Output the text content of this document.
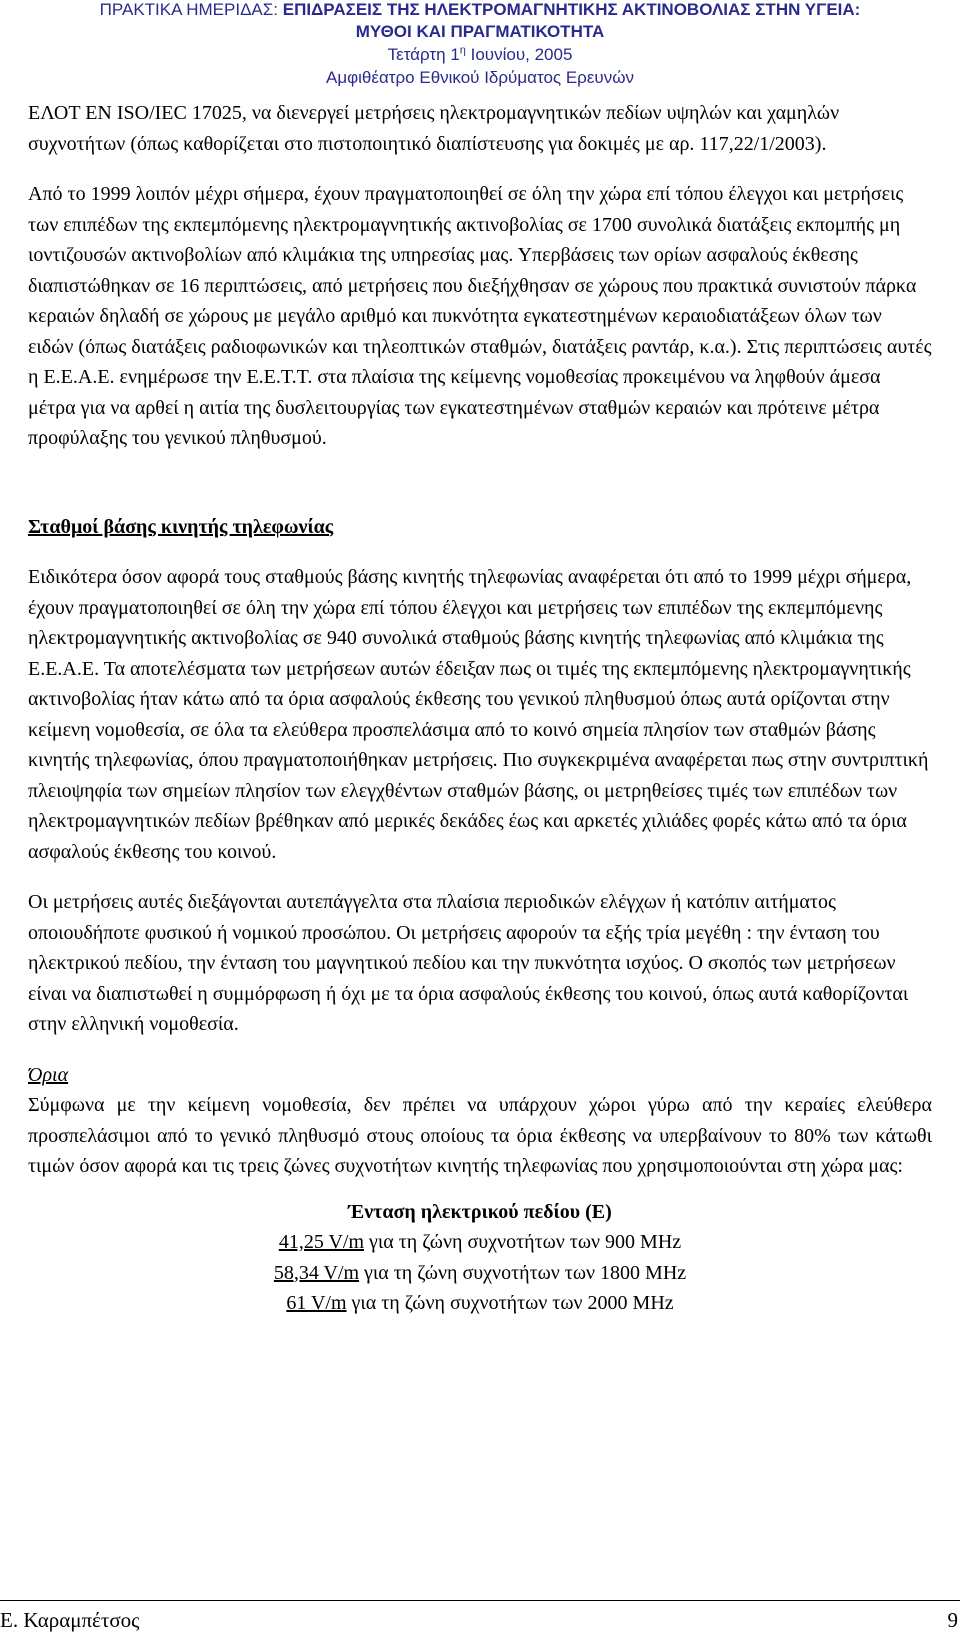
ΠΡΑΚΤΙΚΑ ΗΜΕΡΙΔΑΣ: ΕΠΙΔΡΑΣΕΙΣ ΤΗΣ ΗΛΕΚΤΡΟΜΑΓΝΗΤΙΚΗΣ ΑΚΤΙΝΟΒΟΛΙΑΣ ΣΤΗΝ ΥΓΕΙΑ:
ΜΥΘΟΙ ΚΑΙ ΠΡΑΓΜΑΤΙΚΟΤΗΤΑ
Τετάρτη $1^\eta$ Ιουνίου, 2005
Αμφιθέατρο Εθνικού Ιδρύματος Ερευνών

ΕΛΟΤ ΕΝ ISO/IEC 17025, να διενεργεί μετρήσεις ηλεκτρομαγνητικών πεδίων υψηλών και χαμηλών συχνοτήτων (όπως καθορίζεται στο πιστοποιητικό διαπίστευσης για δοκιμές με αρ. 117,22/1/2003).

Από το 1999 λοιπόν μέχρι σήμερα, έχουν πραγματοποιηθεί σε όλη την χώρα επί τόπου έλεγχοι και μετρήσεις των επιπέδων της εκπεμπόμενης ηλεκτρομαγνητικής ακτινοβολίας σε 1700 συνολικά διατάξεις εκπομπής μη ιοντιζουσών ακτινοβολίων από κλιμάκια της υπηρεσίας μας. Υπερβάσεις των ορίων ασφαλούς έκθεσης διαπιστώθηκαν σε 16 περιπτώσεις, από μετρήσεις που διεξήχθησαν σε χώρους που πρακτικά συνιστούν πάρκα κεραιών δηλαδή σε χώρους με μεγάλο αριθμό και πυκνότητα εγκατεστημένων κεραιοδιατάξεων όλων των ειδών (όπως διατάξεις ραδιοφωνικών και τηλεοπτικών σταθμών, διατάξεις ραντάρ, κ.α.). Στις περιπτώσεις αυτές η Ε.Ε.Α.Ε. ενημέρωσε την Ε.Ε.Τ.Τ. στα πλαίσια της κείμενης νομοθεσίας προκειμένου να ληφθούν άμεσα μέτρα για να αρθεί η αιτία της δυσλειτουργίας των εγκατεστημένων σταθμών κεραιών και πρότεινε μέτρα προφύλαξης του γενικού πληθυσμού.

Σταθμοί βάσης κινητής τηλεφωνίας

Ειδικότερα όσον αφορά τους σταθμούς βάσης κινητής τηλεφωνίας αναφέρεται ότι από το 1999 μέχρι σήμερα, έχουν πραγματοποιηθεί σε όλη την χώρα επί τόπου έλεγχοι και μετρήσεις των επιπέδων της εκπεμπόμενης ηλεκτρομαγνητικής ακτινοβολίας σε 940 συνολικά σταθμούς βάσης κινητής τηλεφωνίας από κλιμάκια της Ε.Ε.Α.Ε. Τα αποτελέσματα των μετρήσεων αυτών έδειξαν πως οι τιμές της εκπεμπόμενης ηλεκτρομαγνητικής ακτινοβολίας ήταν κάτω από τα όρια ασφαλούς έκθεσης του γενικού πληθυσμού όπως αυτά ορίζονται στην κείμενη νομοθεσία, σε όλα τα ελεύθερα προσπελάσιμα από το κοινό σημεία πλησίον των σταθμών βάσης κινητής τηλεφωνίας, όπου πραγματοποιήθηκαν μετρήσεις. Πιο συγκεκριμένα αναφέρεται πως στην συντριπτική πλειοψηφία των σημείων πλησίον των ελεγχθέντων σταθμών βάσης, οι μετρηθείσες τιμές των επιπέδων των ηλεκτρομαγνητικών πεδίων βρέθηκαν από μερικές δεκάδες έως και αρκετές χιλιάδες φορές κάτω από τα όρια ασφαλούς έκθεσης του κοινού.

Οι μετρήσεις αυτές διεξάγονται αυτεπάγγελτα στα πλαίσια περιοδικών ελέγχων ή κατόπιν αιτήματος οποιουδήποτε φυσικού ή νομικού προσώπου. Οι μετρήσεις αφορούν τα εξής τρία μεγέθη : την ένταση του ηλεκτρικού πεδίου, την ένταση του μαγνητικού πεδίου και την πυκνότητα ισχύος. Ο σκοπός των μετρήσεων είναι να διαπιστωθεί η συμμόρφωση ή όχι με τα όρια ασφαλούς έκθεσης του κοινού, όπως αυτά καθορίζονται στην ελληνική νομοθεσία.

Όρια

Σύμφωνα με την κείμενη νομοθεσία, δεν πρέπει να υπάρχουν χώροι γύρω από την κεραίες ελεύθερα προσπελάσιμοι από το γενικό πληθυσμό στους οποίους τα όρια έκθεσης να υπερβαίνουν το 80% των κάτωθι τιμών όσον αφορά και τις τρεις ζώνες συχνοτήτων κινητής τηλεφωνίας που χρησιμοποιούνται στη χώρα μας:

Ένταση ηλεκτρικού πεδίου (Ε)
41,25 V/m για τη ζώνη συχνοτήτων των 900 MHz
58,34 V/m για τη ζώνη συχνοτήτων των 1800 MHz
61 V/m για τη ζώνη συχνοτήτων των 2000 MHz
Ε. Καραμπέτσος	9
